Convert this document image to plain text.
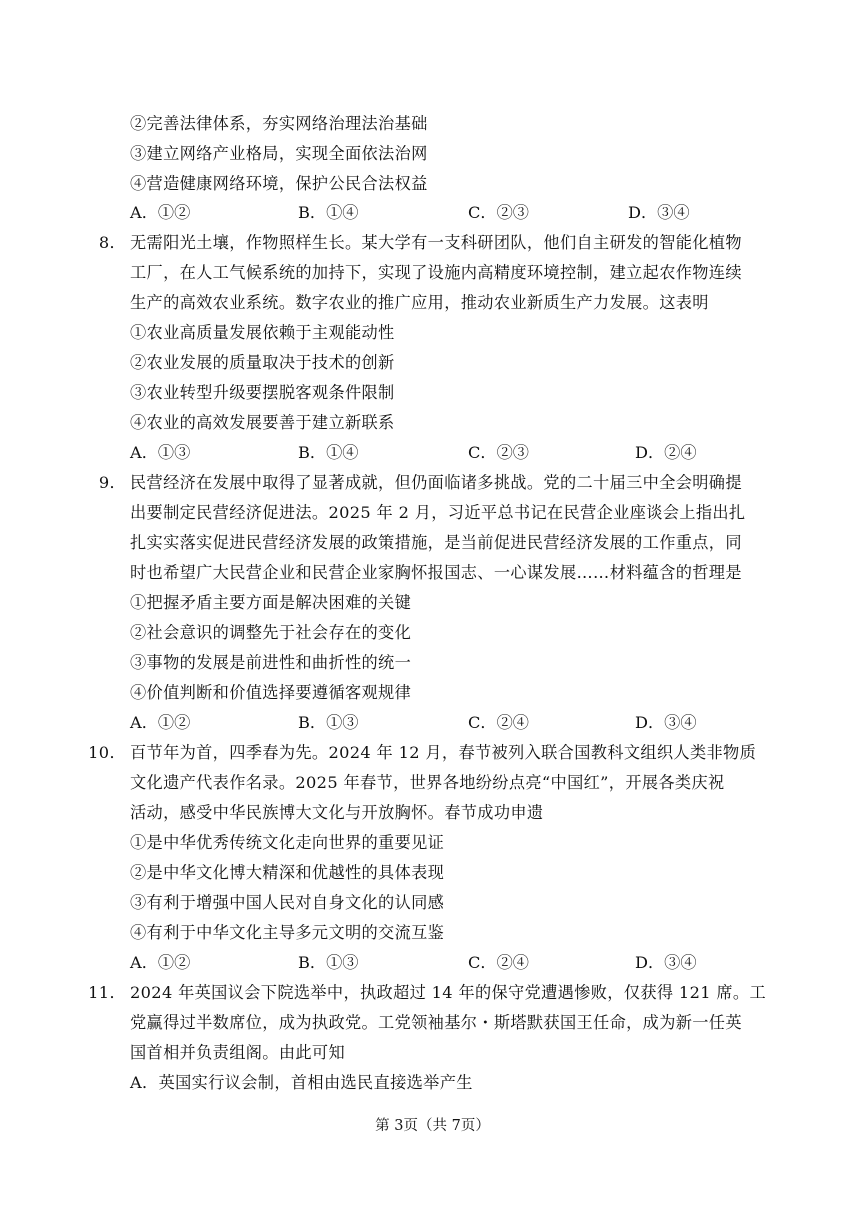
②完善法律体系，夯实网络治理法治基础
③建立网络产业格局，实现全面依法治网
④营造健康网络环境，保护公民合法权益
A．①②	B．①④	C．②③	D．③④
8． 无需阳光土壤，作物照样生长。某大学有一支科研团队，他们自主研发的智能化植物
工厂，在人工气候系统的加持下，实现了设施内高精度环境控制，建立起农作物连续
生产的高效农业系统。数字农业的推广应用，推动农业新质生产力发展。这表明
①农业高质量发展依赖于主观能动性
②农业发展的质量取决于技术的创新
③农业转型升级要摆脱客观条件限制
④农业的高效发展要善于建立新联系
A．①③	B．①④	C．②③	D．②④
9． 民营经济在发展中取得了显著成就，但仍面临诸多挑战。党的二十届三中全会明确提
出要制定民营经济促进法。2025 年 2 月，习近平总书记在民营企业座谈会上指出扎
扎实实落实促进民营经济发展的政策措施，是当前促进民营经济发展的工作重点，同
时也希望广大民营企业和民营企业家胸怀报国志、一心谋发展……材料蕴含的哲理是
①把握矛盾主要方面是解决困难的关键
②社会意识的调整先于社会存在的变化
③事物的发展是前进性和曲折性的统一
④价值判断和价值选择要遵循客观规律
A．①②	B．①③	C．②④	D．③④
10． 百节年为首，四季春为先。2024 年 12 月，春节被列入联合国教科文组织人类非物质
文化遗产代表作名录。2025 年春节，世界各地纷纷点亮“中国红”，开展各类庆祝
活动，感受中华民族博大文化与开放胸怀。春节成功申遗
①是中华优秀传统文化走向世界的重要见证
②是中华文化博大精深和优越性的具体表现
③有利于增强中国人民对自身文化的认同感
④有利于中华文化主导多元文明的交流互鉴
A．①②	B．①③	C．②④	D．③④
11． 2024 年英国议会下院选举中，执政超过 14 年的保守党遭遇惨败，仅获得 121 席。工
党赢得过半数席位，成为执政党。工党领袖基尔・斯塔默获国王任命，成为新一任英
国首相并负责组阁。由此可知
A．英国实行议会制，首相由选民直接选举产生
第 3页（共 7页）
